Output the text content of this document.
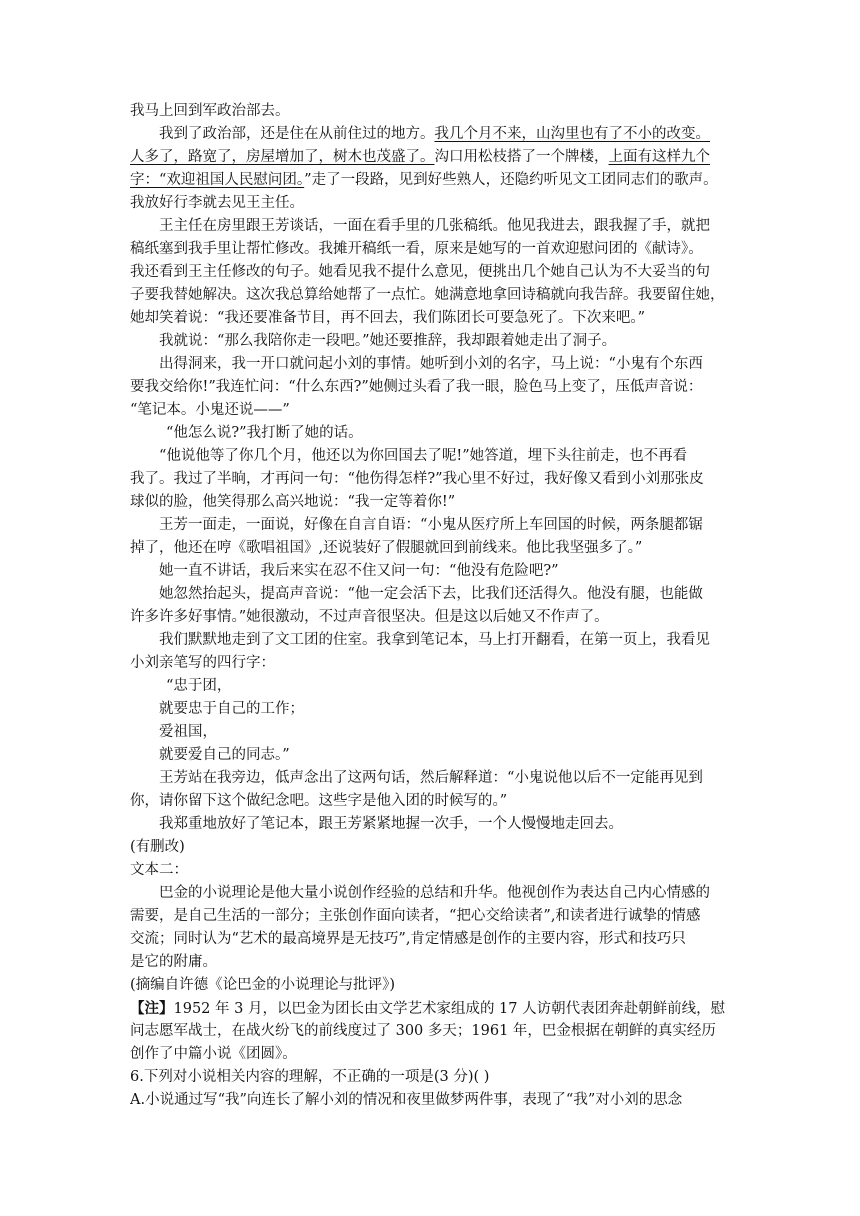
我马上回到军政治部去。
我到了政治部，还是住在从前住过的地方。我几个月不来，山沟里也有了不小的改变。
人多了，路宽了，房屋增加了，树木也茂盛了。沟口用松枝搭了一个牌楼，上面有这样九个
字：“欢迎祖国人民慰问团。”走了一段路，见到好些熟人，还隐约听见文工团同志们的歌声。
我放好行李就去见王主任。
王主任在房里跟王芳谈话，一面在看手里的几张稿纸。他见我进去，跟我握了手，就把
稿纸塞到我手里让帮忙修改。我摊开稿纸一看，原来是她写的一首欢迎慰问团的《献诗》。
我还看到王主任修改的句子。她看见我不提什么意见，便挑出几个她自己认为不大妥当的句
子要我替她解决。这次我总算给她帮了一点忙。她满意地拿回诗稿就向我告辞。我要留住她，
她却笑着说：“我还要准备节目，再不回去，我们陈团长可要急死了。下次来吧。”
我就说：“那么我陪你走一段吧。”她还要推辞，我却跟着她走出了洞子。
出得洞来，我一开口就问起小刘的事情。她听到小刘的名字，马上说：“小鬼有个东西
要我交给你!”我连忙问：“什么东西?”她侧过头看了我一眼，脸色马上变了，压低声音说：
“笔记本。小鬼还说——”
“他怎么说?”我打断了她的话。
“他说他等了你几个月，他还以为你回国去了呢!”她答道，埋下头往前走，也不再看
我了。我过了半晌，才再问一句：“他伤得怎样?”我心里不好过，我好像又看到小刘那张皮
球似的脸，他笑得那么高兴地说：“我一定等着你!”
王芳一面走，一面说，好像在自言自语：“小鬼从医疗所上车回国的时候，两条腿都锯
掉了，他还在哼《歌唱祖国》,还说装好了假腿就回到前线来。他比我坚强多了。”
她一直不讲话，我后来实在忍不住又问一句：“他没有危险吧?”
她忽然抬起头，提高声音说：“他一定会活下去，比我们还活得久。他没有腿，也能做
许多许多好事情。”她很激动，不过声音很坚决。但是这以后她又不作声了。
我们默默地走到了文工团的住室。我拿到笔记本，马上打开翻看，在第一页上，我看见
小刘亲笔写的四行字：
“忠于团，
就要忠于自己的工作；
爱祖国，
就要爱自己的同志。”
王芳站在我旁边，低声念出了这两句话，然后解释道：“小鬼说他以后不一定能再见到
你，请你留下这个做纪念吧。这些字是他入团的时候写的。”
我郑重地放好了笔记本，跟王芳紧紧地握一次手，一个人慢慢地走回去。
(有删改)
文本二：
巴金的小说理论是他大量小说创作经验的总结和升华。他视创作为表达自己内心情感的
需要，是自己生活的一部分；主张创作面向读者，“把心交给读者”,和读者进行诚挚的情感
交流；同时认为“艺术的最高境界是无技巧”,肯定情感是创作的主要内容，形式和技巧只
是它的附庸。
(摘编自许德《论巴金的小说理论与批评》)
【注】1952 年 3 月，以巴金为团长由文学艺术家组成的 17 人访朝代表团奔赴朝鲜前线，慰
问志愿军战士，在战火纷飞的前线度过了 300 多天；1961 年，巴金根据在朝鲜的真实经历
创作了中篇小说《团圆》。
6.下列对小说相关内容的理解，不正确的一项是(3 分)( )
A.小说通过写“我”向连长了解小刘的情况和夜里做梦两件事，表现了“我”对小刘的思念
